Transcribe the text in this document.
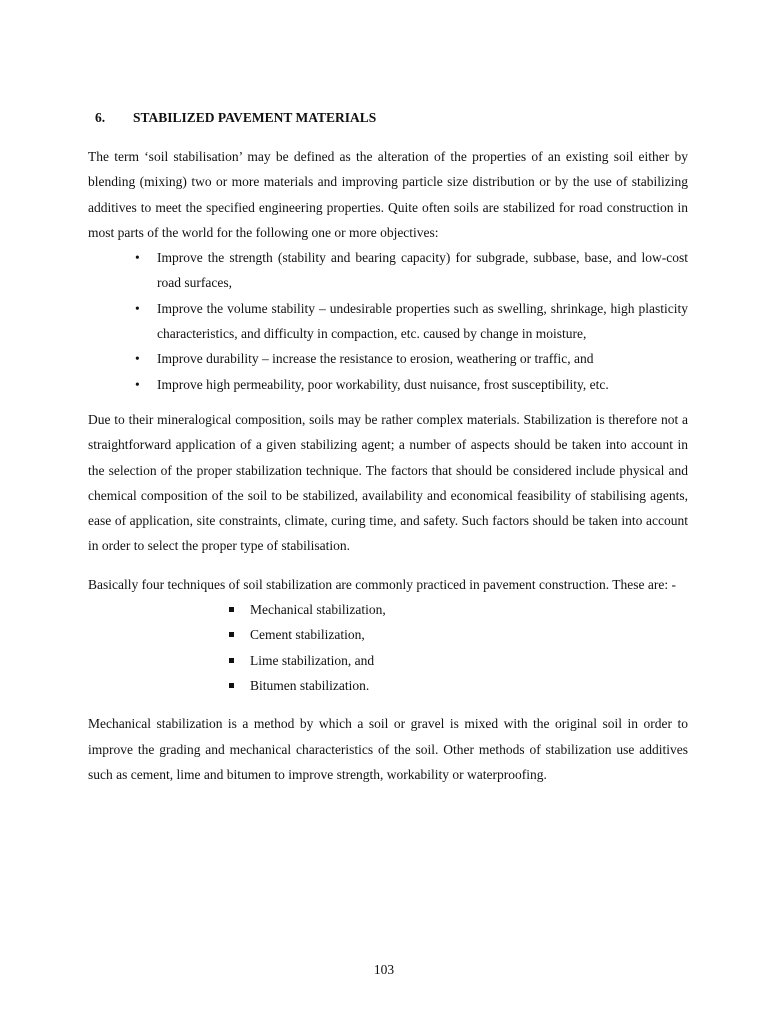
6. STABILIZED PAVEMENT MATERIALS

The term ‘soil stabilisation’ may be defined as the alteration of the properties of an existing soil either by blending (mixing) two or more materials and improving particle size distribution or by the use of stabilizing additives to meet the specified engineering properties. Quite often soils are stabilized for road construction in most parts of the world for the following one or more objectives:

• Improve the strength (stability and bearing capacity) for subgrade, subbase, base, and low-cost road surfaces,
• Improve the volume stability – undesirable properties such as swelling, shrinkage, high plasticity characteristics, and difficulty in compaction, etc. caused by change in moisture,
• Improve durability – increase the resistance to erosion, weathering or traffic, and
• Improve high permeability, poor workability, dust nuisance, frost susceptibility, etc.

Due to their mineralogical composition, soils may be rather complex materials. Stabilization is therefore not a straightforward application of a given stabilizing agent; a number of aspects should be taken into account in the selection of the proper stabilization technique. The factors that should be considered include physical and chemical composition of the soil to be stabilized, availability and economical feasibility of stabilising agents, ease of application, site constraints, climate, curing time, and safety. Such factors should be taken into account in order to select the proper type of stabilisation.

Basically four techniques of soil stabilization are commonly practiced in pavement construction. These are: -

Mechanical stabilization,
Cement stabilization,
Lime stabilization, and
Bitumen stabilization.

Mechanical stabilization is a method by which a soil or gravel is mixed with the original soil in order to improve the grading and mechanical characteristics of the soil. Other methods of stabilization use additives such as cement, lime and bitumen to improve strength, workability or waterproofing.

103
